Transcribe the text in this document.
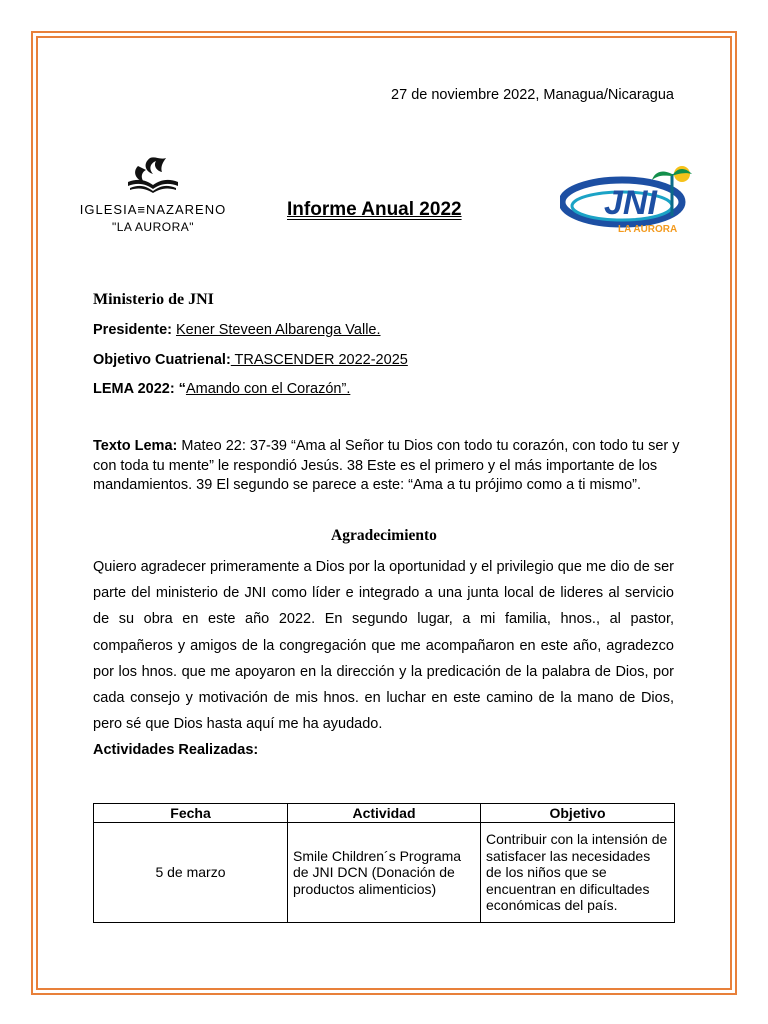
27 de noviembre 2022, Managua/Nicaragua
IGLESIA≡NAZARENO
"LA AURORA"
Informe Anual 2022	JNI
LA AURORA
Ministerio de JNI
Presidente: Kener Steveen Albarenga Valle.
Objetivo Cuatrienal: TRASCENDER 2022-2025
LEMA 2022: “Amando con el Corazón”.
Texto Lema: Mateo 22: 37-39 “Ama al Señor tu Dios con todo tu corazón, con todo tu ser y con toda tu mente” le respondió Jesús. 38 Este es el primero y el más importante de los mandamientos. 39 El segundo se parece a este: “Ama a tu prójimo como a ti mismo”.
Agradecimiento
Quiero agradecer primeramente a Dios por la oportunidad y el privilegio que me dio de ser parte del ministerio de JNI como líder e integrado a una junta local de lideres al servicio de su obra en este año 2022. En segundo lugar, a mi familia, hnos., al pastor, compañeros y amigos de la congregación que me acompañaron en este año, agradezco por los hnos. que me apoyaron en la dirección y la predicación de la palabra de Dios, por cada consejo y motivación de mis hnos. en luchar en este camino de la mano de Dios, pero sé que Dios hasta aquí me ha ayudado.
Actividades Realizadas:
Fecha	Actividad	Objetivo
5 de marzo	Smile Children´s Programa de JNI DCN (Donación de productos alimenticios)	Contribuir con la intensión de satisfacer las necesidades de los niños que se encuentran en dificultades económicas del país.
